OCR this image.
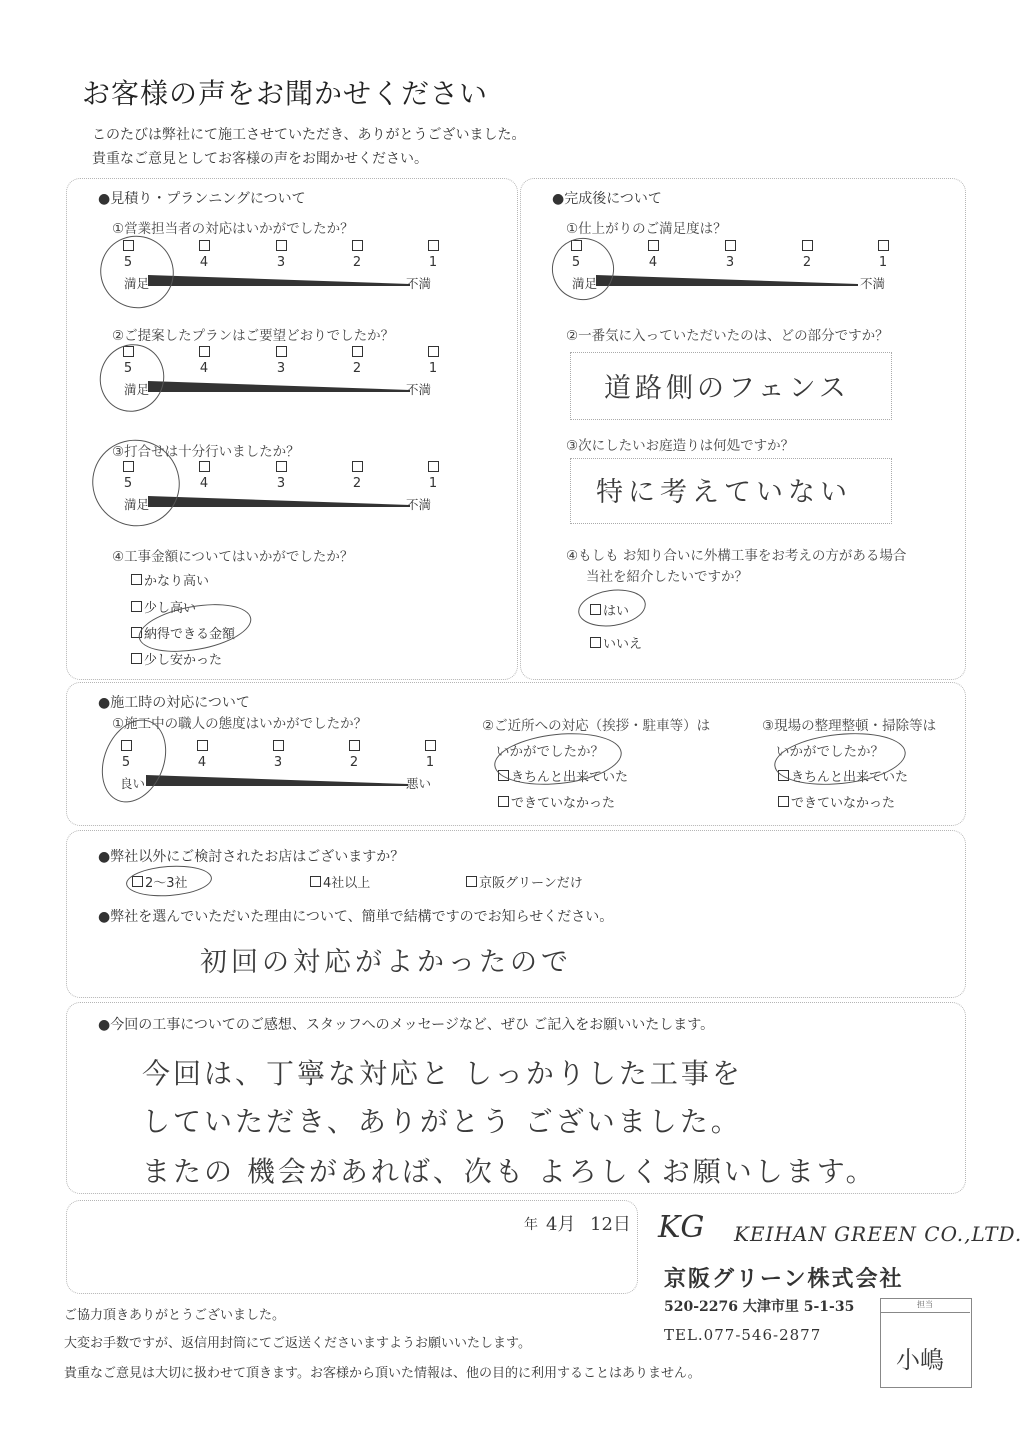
お客様の声をお聞かせください
このたびは弊社にて施工させていただき、ありがとうございました。
貴重なご意見としてお客様の声をお聞かせください。
●見積り・プランニングについて
①営業担当者の対応はいかがでしたか？
5	4	3	2	1
満足	不満
②ご提案したプランはご要望どおりでしたか？
5	4	3	2	1
満足	不満
③打合せは十分行いましたか？
5	4	3	2	1
満足	不満
④工事金額についてはいかがでしたか？
かなり高い
少し高い
納得できる金額
少し安かった
●完成後について
①仕上がりのご満足度は？
5	4	3	2	1
満足	不満
②一番気に入っていただいたのは、どの部分ですか？
道路側のフェンス
③次にしたいお庭造りは何処ですか？
特に考えていない
④もしも お知り合いに外構工事をお考えの方がある場合
当社を紹介したいですか？
はい
いいえ
●施工時の対応について
①施工中の職人の態度はいかがでしたか？
5	4	3	2	1
良い	悪い
②ご近所への対応（挨拶・駐車等）は
いかがでしたか？
きちんと出来ていた
できていなかった
③現場の整理整頓・掃除等は
いかがでしたか？
きちんと出来ていた
できていなかった
●弊社以外にご検討されたお店はございますか？
2～3社	4社以上	京阪グリーンだけ
●弊社を選んでいただいた理由について、簡単で結構ですのでお知らせください。
初回の対応がよかったので
●今回の工事についてのご感想、スタッフへのメッセージなど、ぜひ ご記入をお願いいたします。
今回は、丁寧な対応と しっかりした工事を
していただき、ありがとう ございました。
またの 機会があれば、次も よろしくお願いします。
年 4月 12日 KG KEIHAN GREEN CO.,LTD.
京阪グリーン株式会社
520-2276 大津市里 5-1-35
TEL.077-546-2877
担当
小嶋
ご協力頂きありがとうございました。
大変お手数ですが、返信用封筒にてご返送くださいますようお願いいたします。
貴重なご意見は大切に扱わせて頂きます。お客様から頂いた情報は、他の目的に利用することはありません。
